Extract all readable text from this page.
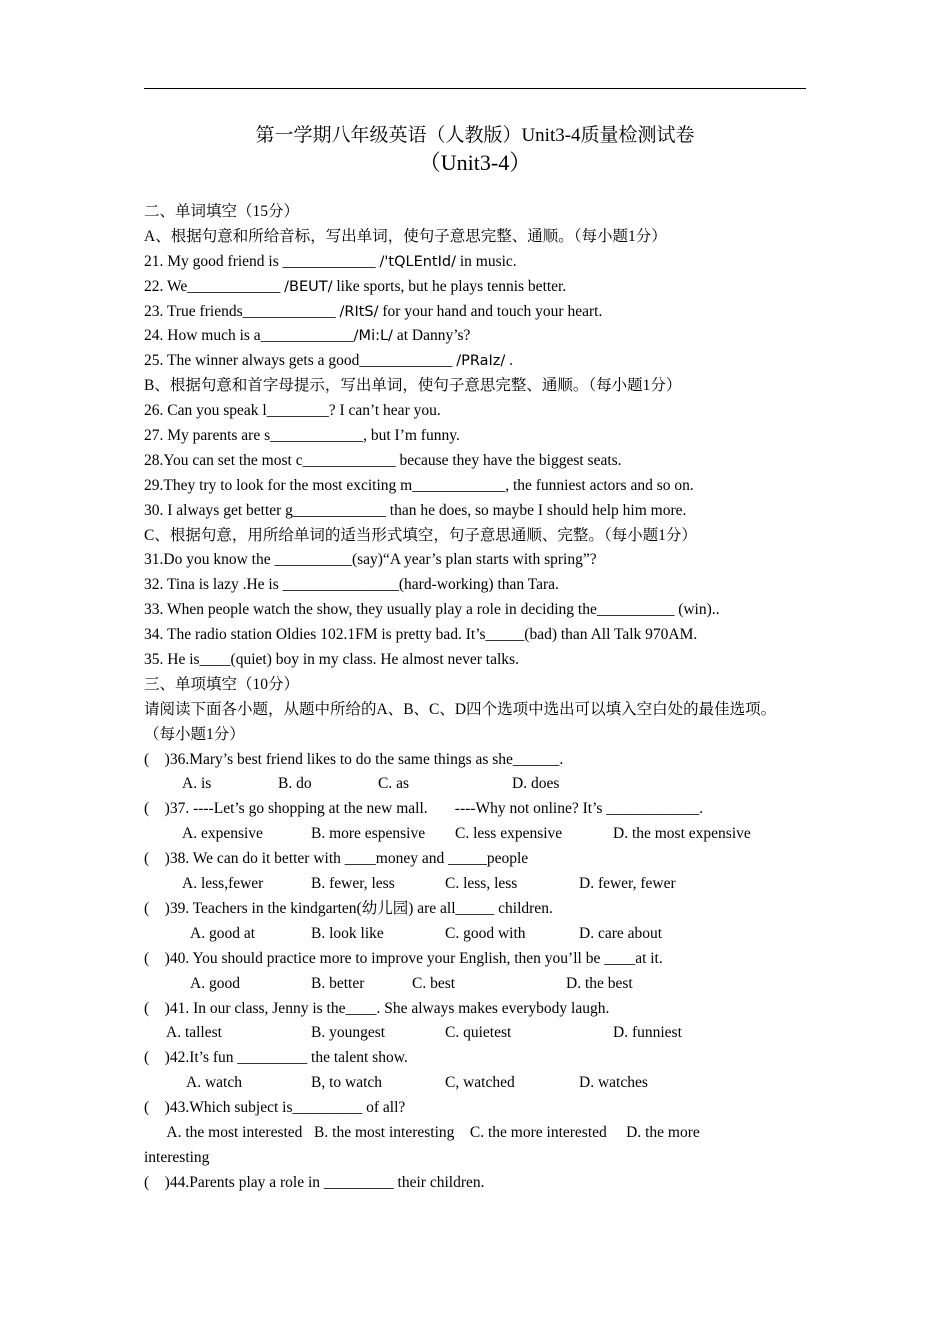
第一学期八年级英语（人教版）Unit3-4质量检测试卷
（Unit3-4）
二、单词填空（15分）
A、根据句意和所给音标，写出单词，使句子意思完整、通顺。（每小题1分）
21. My good friend is ____________ /'tQLEntId/ in music.
22. We____________ /BEUT/ like sports, but he plays tennis better.
23. True friends____________ /RItS/ for your hand and touch your heart.
24. How much is a____________/Mi:L/ at Danny’s?
25. The winner always gets a good____________ /PRaIz/ .
B、根据句意和首字母提示，写出单词，使句子意思完整、通顺。（每小题1分）
26. Can you speak l________? I can’t hear you.
27. My parents are s____________, but I’m funny.
28.You can set the most c____________ because they have the biggest seats.
29.They try to look for the most exciting m____________, the funniest actors and so on.
30. I always get better g____________ than he does, so maybe I should help him more.
C、根据句意，用所给单词的适当形式填空，句子意思通顺、完整。（每小题1分）
31.Do you know the __________(say)“A year’s plan starts with spring”?
32. Tina is lazy .He is _______________(hard-working) than Tara.
33. When people watch the show, they usually play a role in deciding the__________ (win)..
34. The radio station Oldies 102.1FM is pretty bad. It’s_____(bad) than All Talk 970AM.
35. He is____(quiet) boy in my class. He almost never talks.
三、单项填空（10分）
请阅读下面各小题，从题中所给的A、B、C、D四个选项中选出可以填入空白处的最佳选项。
（每小题1分）
(    )36.Mary’s best friend likes to do the same things as she______.
A. is	B. do	C. as	D. does
(    )37. ----Let’s go shopping at the new mall.       ----Why not online? It’s ____________.
A. expensive	B. more espensive C. less expensive	D. the most expensive
(    )38. We can do it better with ____money and _____people
A. less,fewer	B. fewer, less	C. less, less	D. fewer, fewer
(    )39. Teachers in the kindgarten(幼儿园) are all_____ children.
A. good at	B. look like	C. good with	D. care about
(    )40. You should practice more to improve your English, then you’ll be ____at it.
A. good	B. better	C. best	D. the best
(    )41. In our class, Jenny is the____. She always makes everybody laugh.
A. tallest	B. youngest	C. quietest	D. funniest
(    )42.It’s fun _________ the talent show.
A. watch	B, to watch	C, watched	D. watches
(    )43.Which subject is_________ of all?
A. the most interested   B. the most interesting    C. the more interested     D. the more
interesting
(    )44.Parents play a role in _________ their children.
